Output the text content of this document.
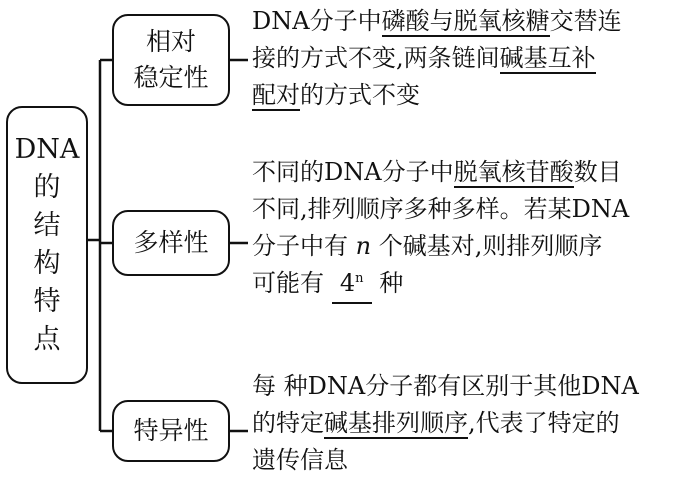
DNA
的
结
构
特
点
相对
稳定性
多样性
特异性
DNA分子中磷酸与脱氧核糖交替连
接的方式不变,两条链间碱基互补
配对的方式不变
不同的DNA分子中脱氧核苷酸数目
不同,排列顺序多种多样。若某DNA
分子中有 n 个碱基对,则排列顺序
可能有 4$^n$ 种
每 种DNA分子都有区别于其他DNA
的特定碱基排列顺序,代表了特定的
遗传信息
